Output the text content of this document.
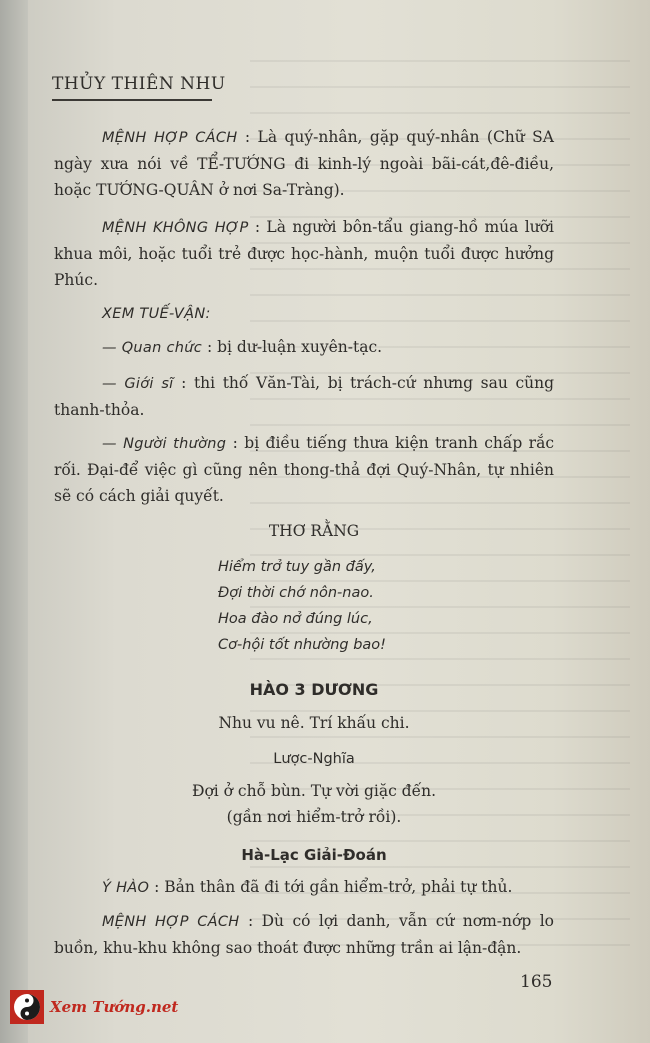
THỦY THIÊN NHU
MỆNH HỢP CÁCH : Là quý-nhân, gặp quý-nhân (Chữ SA ngày xưa nói về TỂ-TƯỚNG đi kinh-lý ngoài bãi-cát,đê-điều, hoặc TƯỚNG-QUÂN ở nơi Sa-Tràng).
MỆNH KHÔNG HỢP : Là người bôn-tẩu giang-hồ múa lưỡi khua môi, hoặc tuổi trẻ được học-hành, muộn tuổi được hưởng Phúc.
XEM TUẾ-VẬN:
— Quan chức : bị dư-luận xuyên-tạc.
— Giới sĩ : thi thố Văn-Tài, bị trách-cứ nhưng sau cũng thanh-thỏa.
— Người thường : bị điều tiếng thưa kiện tranh chấp rắc rối. Đại-để việc gì cũng nên thong-thả đợi Quý-Nhân, tự nhiên sẽ có cách giải quyết.
THƠ RẰNG
Hiểm trở tuy gần đấy,
Đợi thời chớ nôn-nao.
Hoa đào nở đúng lúc,
Cơ-hội tốt nhường bao!
HÀO 3 DƯƠNG
Nhu vu nê. Trí khấu chi.
Lược-Nghĩa
Đợi ở chỗ bùn. Tự vời giặc đến.
(gần nơi hiểm-trở rồi).
Hà-Lạc Giải-Đoán
Ý HÀO : Bản thân đã đi tới gần hiểm-trở, phải tự thủ.
MỆNH HỢP CÁCH : Dù có lợi danh, vẫn cứ nơm-nớp lo buồn, khu-khu không sao thoát được những trần ai lận-đận.
165
Xem Tướng.net
